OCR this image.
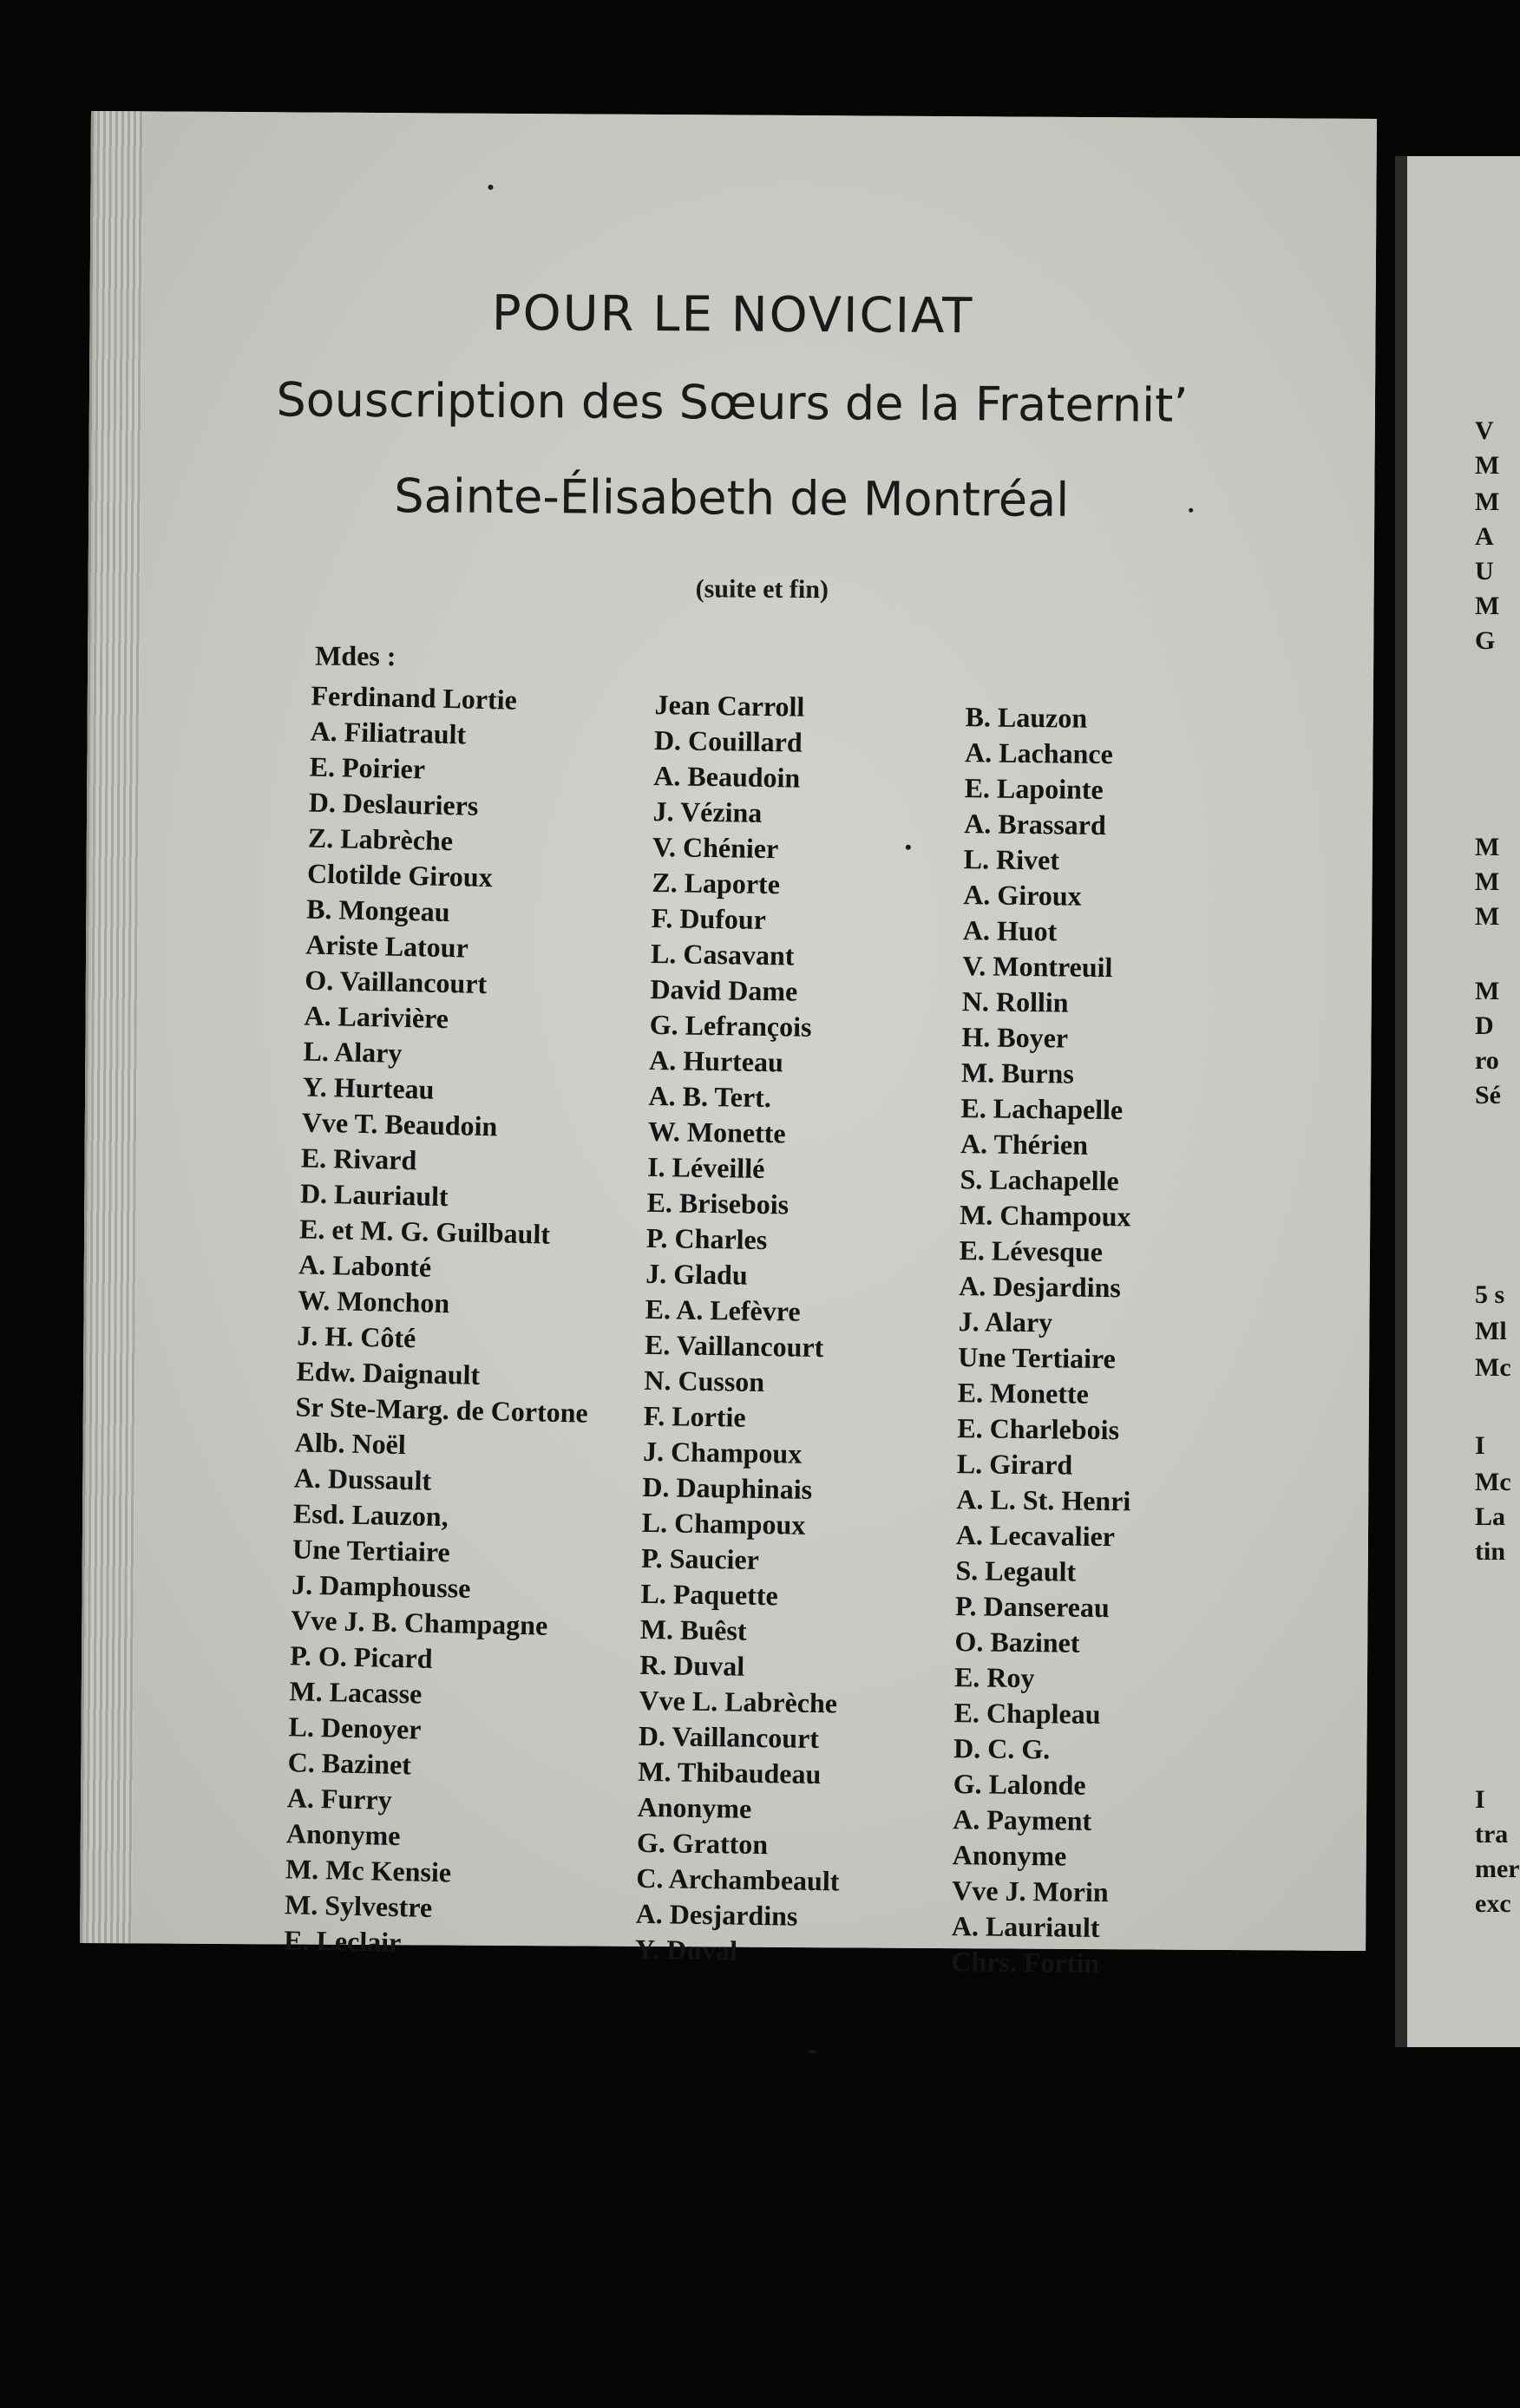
V
M
M
A
U
M
G
M
M
M
M
D
ro
Sé
5 s
Ml
Mc
I
Mc
La
tin
I
tra
mer
exc
POUR LE NOVICIAT
Souscription des Sœurs de la Fraternit’
Sainte-Élisabeth de Montréal
(suite et fin)
Mdes :
Ferdinand Lortie
A. Filiatrault
E. Poirier
D. Deslauriers
Z. Labrèche
Clotilde Giroux
B. Mongeau
Ariste Latour
O. Vaillancourt
A. Larivière
L. Alary
Y. Hurteau
Vve T. Beaudoin
E. Rivard
D. Lauriault
E. et M. G. Guilbault
A. Labonté
W. Monchon
J. H. Côté
Edw. Daignault
Sr Ste-Marg. de Cortone
Alb. Noël
A. Dussault
Esd. Lauzon,
Une Tertiaire
J. Damphousse
Vve J. B. Champagne
P. O. Picard
M. Lacasse
L. Denoyer
C. Bazinet
A. Furry
Anonyme
M. Mc Kensie
M. Sylvestre
E. Leclair
Jean Carroll
D. Couillard
A. Beaudoin
J. Vézina
V. Chénier
Z. Laporte
F. Dufour
L. Casavant
David Dame
G. Lefrançois
A. Hurteau
A. B. Tert.
W. Monette
I. Léveillé
E. Brisebois
P. Charles
J. Gladu
E. A. Lefèvre
E. Vaillancourt
N. Cusson
F. Lortie
J. Champoux
D. Dauphinais
L. Champoux
P. Saucier
L. Paquette
M. Buêst
R. Duval
Vve L. Labrèche
D. Vaillancourt
M. Thibaudeau
Anonyme
G. Gratton
C. Archambeault
A. Desjardins
Y. Duval
B. Lauzon
A. Lachance
E. Lapointe
A. Brassard
L. Rivet
A. Giroux
A. Huot
V. Montreuil
N. Rollin
H. Boyer
M. Burns
E. Lachapelle
A. Thérien
S. Lachapelle
M. Champoux
E. Lévesque
A. Desjardins
J. Alary
Une Tertiaire
E. Monette
E. Charlebois
L. Girard
A. L. St. Henri
A. Lecavalier
S. Legault
P. Dansereau
O. Bazinet
E. Roy
E. Chapleau
D. C. G.
G. Lalonde
A. Payment
Anonyme
Vve J. Morin
A. Lauriault
Chrs. Fortin
